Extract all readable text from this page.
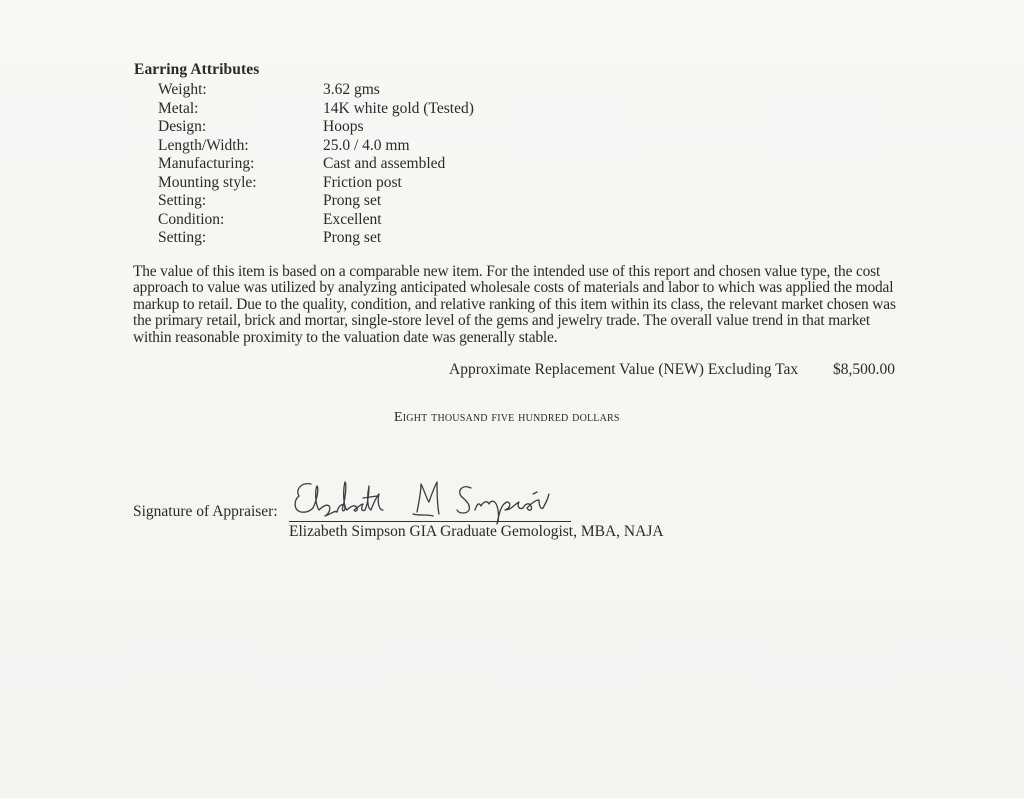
Earring Attributes
Weight:	3.62 gms
Metal:	14K white gold (Tested)
Design:	Hoops
Length/Width:	25.0 / 4.0 mm
Manufacturing:	Cast and assembled
Mounting style:	Friction post
Setting:	Prong set
Condition:	Excellent
Setting:	Prong set
The value of this item is based on a comparable new item. For the intended use of this report and chosen value type, the cost approach to value was utilized by analyzing anticipated wholesale costs of materials and labor to which was applied the modal markup to retail. Due to the quality, condition, and relative ranking of this item within its class, the relevant market chosen was the primary retail, brick and mortar, single-store level of the gems and jewelry trade. The overall value trend in that market within reasonable proximity to the valuation date was generally stable.
Approximate Replacement Value (NEW) Excluding Tax $8,500.00
Eight thousand five hundred dollars
Signature of Appraiser:
Elizabeth Simpson GIA Graduate Gemologist, MBA, NAJA
